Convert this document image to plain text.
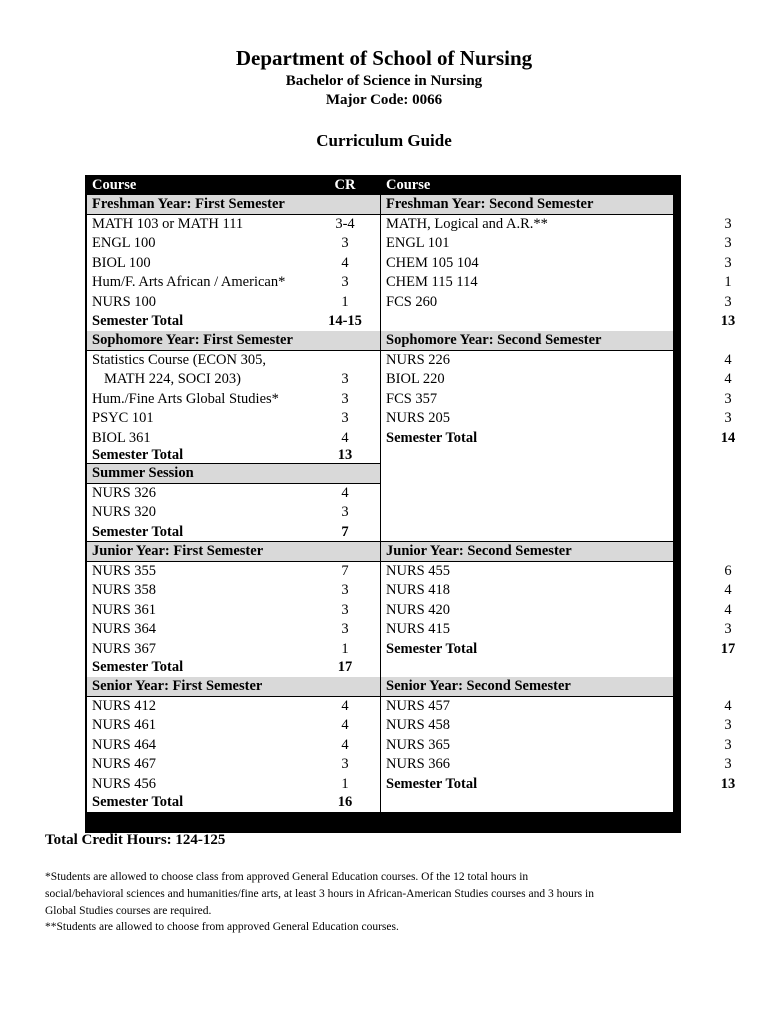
Department of School of Nursing
Bachelor of Science in Nursing
Major Code: 0066
Curriculum Guide
Course	CR
Freshman Year: First Semester
MATH 103 or MATH 111	3-4
ENGL 100	3
BIOL 100	4
Hum/F. Arts African / American*	3
NURS 100	1
Semester Total	14-15
Sophomore Year: First Semester
Statistics Course (ECON 305,
MATH 224, SOCI 203)	3
Hum./Fine Arts Global Studies*	3
PSYC 101	3
BIOL 361	4
Semester Total	13
Summer Session
NURS 326	4
NURS 320	3
Semester Total	7
Junior Year: First Semester
NURS 355	7
NURS 358	3
NURS 361	3
NURS 364	3
NURS 367	1
Semester Total	17
Senior Year: First Semester
NURS 412	4
NURS 461	4
NURS 464	4
NURS 467	3
NURS 456	1
Semester Total	16
Course	CR
Freshman Year: Second Semester
MATH, Logical and A.R.**	3
ENGL 101	3
CHEM 105 104	3
CHEM 115 114	1
FCS 260	3
13
Sophomore Year: Second Semester
NURS 226	4
BIOL 220	4
FCS 357	3
NURS 205	3
Semester Total	14
Junior Year: Second Semester
NURS 455	6
NURS 418	4
NURS 420	4
NURS 415	3
Semester Total	17
Senior Year: Second Semester
NURS 457	4
NURS 458	3
NURS 365	3
NURS 366	3
Semester Total	13
Total Credit Hours: 124-125
*Students are allowed to choose class from approved General Education courses. Of the 12 total hours in
social/behavioral sciences and humanities/fine arts, at least 3 hours in African-American Studies courses and 3 hours in
Global Studies courses are required.
**Students are allowed to choose from approved General Education courses.
